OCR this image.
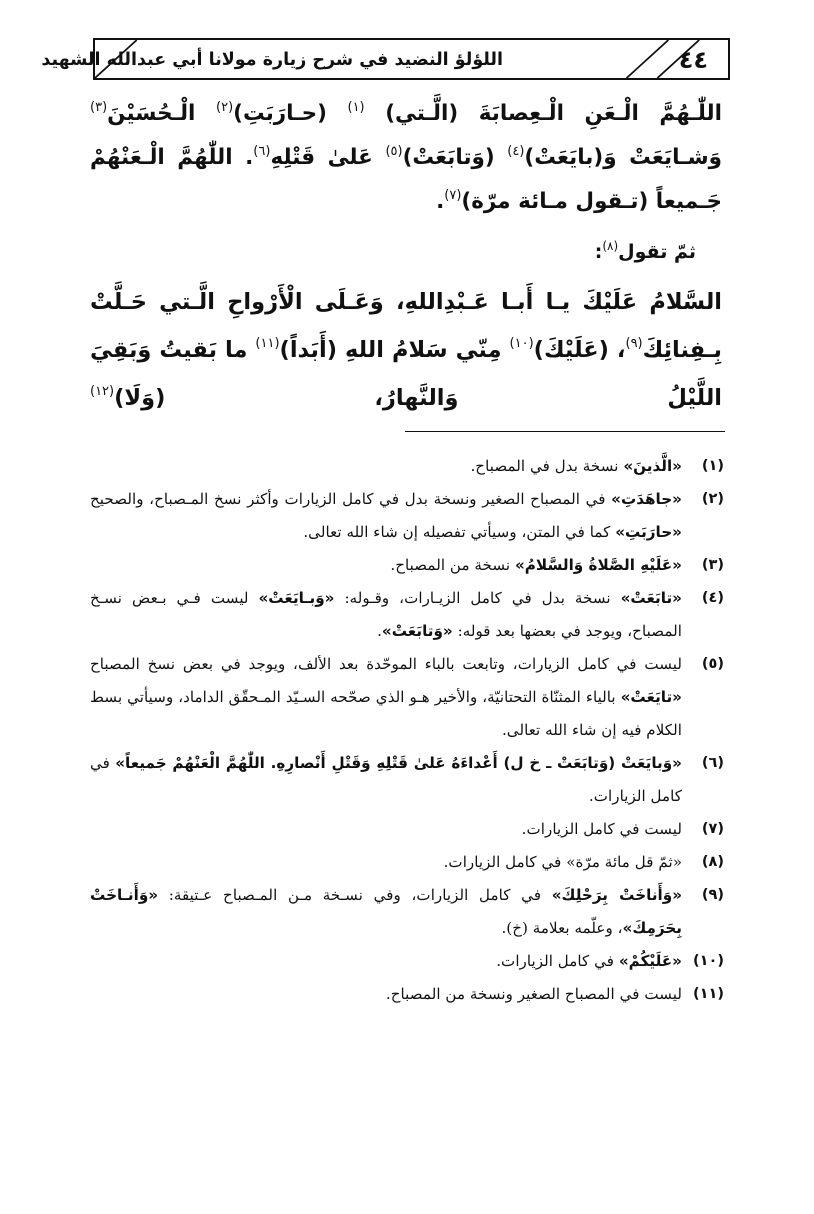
٤٤
اللؤلؤ النضيد في شرح زيارة مولانا أبي عبدالله الشهيد

اللّٰـهُمَّ الْـعَنِ الْـعِصابَةَ (الَّـتي) $^{(١)}$ (حـارَبَتِ)$^{(٢)}$ الْـحُسَيْنَ$^{(٣)}$ وَشـايَعَتْ وَ(بايَعَتْ)$^{(٤)}$ (وَتابَعَتْ)$^{(٥)}$ عَلىٰ قَتْلِهِ$^{(٦)}$. اللّٰهُمَّ الْـعَنْهُمْ جَـميعاً (تـقول مـائة مرّة)$^{(٧)}$.

ثمّ تقول$^{(٨)}$:

السَّلامُ عَلَيْكَ يـا أَبـا عَـبْدِاللهِ، وَعَـلَى الْأَرْواحِ الَّـتي حَـلَّتْ بِـفِنائِكَ$^{(٩)}$، (عَلَيْكَ)$^{(١٠)}$ مِنّي سَلامُ اللهِ (أَبَداً)$^{(١١)}$ ما بَقيتُ وَبَقِيَ اللَّيْلُ وَالنَّهارُ، (وَلَا)$^{(١٢)}$

(١)
«الَّذينَ» نسخة بدل في المصباح.
(٢)
«جاهَدَتِ» في المصباح الصغير ونسخة بدل في كامل الزيارات وأكثر نسخ المـصباح، والصحيح «حارَبَتِ» كما في المتن، وسيأتي تفصيله إن شاء الله تعالى.
(٣)
«عَلَيْهِ الصَّلاةُ وَالسَّلامُ» نسخة من المصباح.
(٤)
«تابَعَتْ» نسخة بدل في كامل الزيـارات، وقـوله: «وَبـايَعَتْ» ليست فـي بـعض نسـخ المصباح، ويوجد في بعضها بعد قوله: «وَتابَعَتْ».
(٥)
ليست في كامل الزيارات، وتابعت بالباء الموحّدة بعد الألف، ويوجد في بعض نسخ المصباح «تايَعَتْ» بالياء المثنّاة التحتانيّة، والأخير هـو الذي صحّحه السـيّد المـحقّق الداماد، وسيأتي بسط الكلام فيه إن شاء الله تعالى.
(٦)
«وَبايَعَتْ (وَتابَعَتْ ـ خ ل) أَعْداءَهُ عَلىٰ قَتْلِهِ وَقَتْلِ أَنْصارِهِ. اللّٰهُمَّ الْعَنْهُمْ جَميعاً» في كامل الزيارات.
(٧)
ليست في كامل الزيارات.
(٨)
«ثمّ قل مائة مرّة» في كامل الزيارات.
(٩)
«وَأَناخَتْ بِرَحْلِكَ» في كامل الزيارات، وفي نسـخة مـن المـصباح عـتيقة: «وَأَنـاخَتْ بِحَرَمِكَ»، وعلّمه بعلامة (خ).
(١٠)
«عَلَيْكُمْ» في كامل الزيارات.
(١١)
ليست في المصباح الصغير ونسخة من المصباح.
